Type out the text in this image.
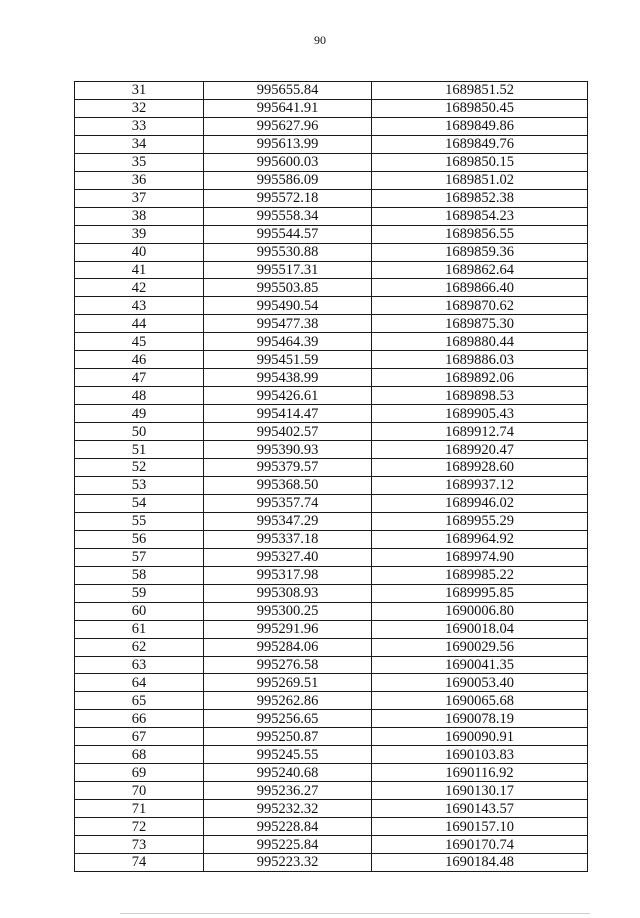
90
31	995655.84	1689851.52
32	995641.91	1689850.45
33	995627.96	1689849.86
34	995613.99	1689849.76
35	995600.03	1689850.15
36	995586.09	1689851.02
37	995572.18	1689852.38
38	995558.34	1689854.23
39	995544.57	1689856.55
40	995530.88	1689859.36
41	995517.31	1689862.64
42	995503.85	1689866.40
43	995490.54	1689870.62
44	995477.38	1689875.30
45	995464.39	1689880.44
46	995451.59	1689886.03
47	995438.99	1689892.06
48	995426.61	1689898.53
49	995414.47	1689905.43
50	995402.57	1689912.74
51	995390.93	1689920.47
52	995379.57	1689928.60
53	995368.50	1689937.12
54	995357.74	1689946.02
55	995347.29	1689955.29
56	995337.18	1689964.92
57	995327.40	1689974.90
58	995317.98	1689985.22
59	995308.93	1689995.85
60	995300.25	1690006.80
61	995291.96	1690018.04
62	995284.06	1690029.56
63	995276.58	1690041.35
64	995269.51	1690053.40
65	995262.86	1690065.68
66	995256.65	1690078.19
67	995250.87	1690090.91
68	995245.55	1690103.83
69	995240.68	1690116.92
70	995236.27	1690130.17
71	995232.32	1690143.57
72	995228.84	1690157.10
73	995225.84	1690170.74
74	995223.32	1690184.48
